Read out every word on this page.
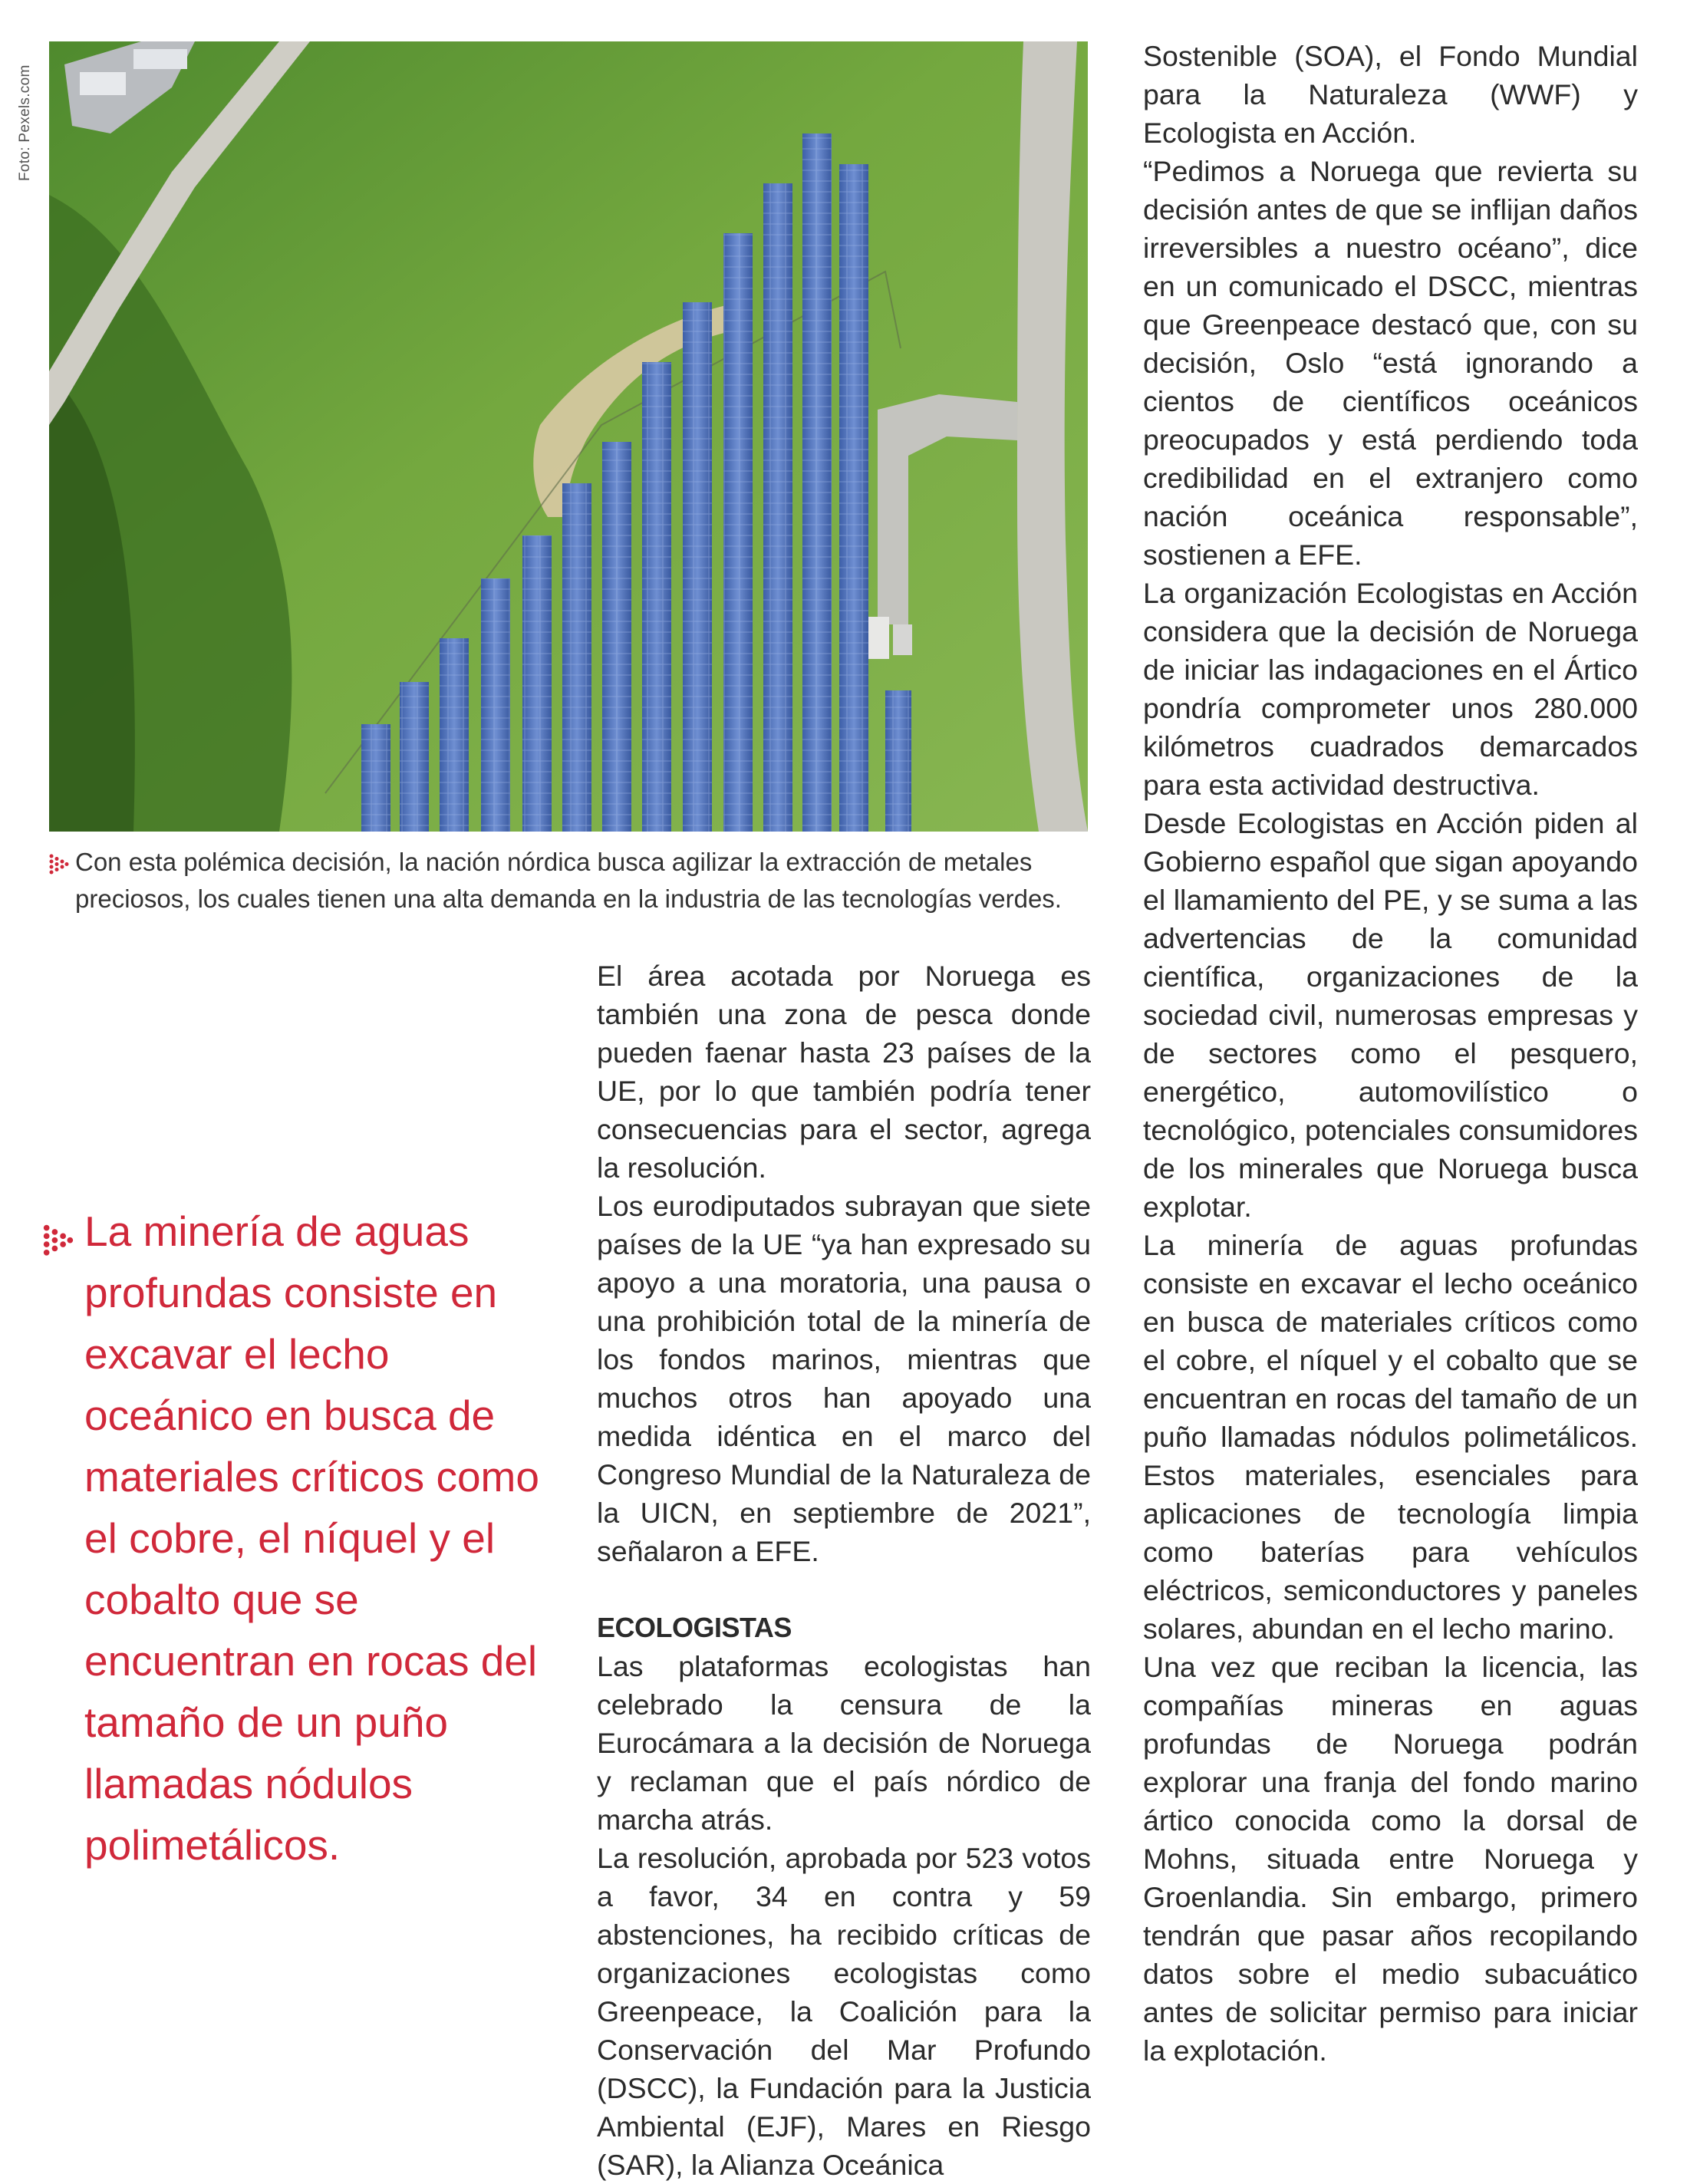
Foto: Pexels.com
Con esta polémica decisión, la nación nórdica busca agilizar la extracción de metales preciosos, los cuales tienen una alta demanda en la industria de las tecnologías verdes.
La minería de aguas profundas consiste en excavar el lecho oceánico en busca de materiales críticos como el cobre, el níquel y el cobalto que se encuentran en rocas del tamaño de un puño llamadas nódulos polimetálicos.

El área acotada por Noruega es también una zona de pesca donde pueden faenar hasta 23 países de la UE, por lo que también podría tener consecuencias para el sector, agrega la resolución.

Los eurodiputados subrayan que siete países de la UE “ya han expresado su apoyo a una moratoria, una pausa o una prohibición total de la minería de los fondos marinos, mientras que muchos otros han apoyado una medida idéntica en el marco del Congreso Mundial de la Naturaleza de la UICN, en septiembre de 2021”, señalaron a EFE.

ECOLOGISTAS

Las plataformas ecologistas han celebrado la censura de la Eurocámara a la decisión de Noruega y reclaman que el país nórdico de marcha atrás.

La resolución, aprobada por 523 votos a favor, 34 en contra y 59 abstenciones, ha recibido críticas de organizaciones ecologistas como Greenpeace, la Coalición para la Conservación del Mar Profundo (DSCC), la Fundación para la Justicia Ambiental (EJF), Mares en Riesgo (SAR), la Alianza Oceánica

Sostenible (SOA), el Fondo Mundial para la Naturaleza (WWF) y Ecologista en Acción.

“Pedimos a Noruega que revierta su decisión antes de que se inflijan daños irreversibles a nuestro océano”, dice en un comunicado el DSCC, mientras que Greenpeace destacó que, con su decisión, Oslo “está ignorando a cientos de científicos oceánicos preocupados y está perdiendo toda credibilidad en el extranjero como nación oceánica responsable”, sostienen a EFE.

La organización Ecologistas en Acción considera que la decisión de Noruega de iniciar las indagaciones en el Ártico pondría comprometer unos 280.000 kilómetros cuadrados demarcados para esta actividad destructiva.

Desde Ecologistas en Acción piden al Gobierno español que sigan apoyando el llamamiento del PE, y se suma a las advertencias de la comunidad científica, organizaciones de la sociedad civil, numerosas empresas y de sectores como el pesquero, energético, automovilístico o tecnológico, potenciales consumidores de los minerales que Noruega busca explotar.

La minería de aguas profundas consiste en excavar el lecho oceánico en busca de materiales críticos como el cobre, el níquel y el cobalto que se encuentran en rocas del tamaño de un puño llamadas nódulos polimetálicos. Estos materiales, esenciales para aplicaciones de tecnología limpia como baterías para vehículos eléctricos, semiconductores y paneles solares, abundan en el lecho marino.

Una vez que reciban la licencia, las compañías mineras en aguas profundas de Noruega podrán explorar una franja del fondo marino ártico conocida como la dorsal de Mohns, situada entre Noruega y Groenlandia. Sin embargo, primero tendrán que pasar años recopilando datos sobre el medio subacuático antes de solicitar permiso para iniciar la explotación.
